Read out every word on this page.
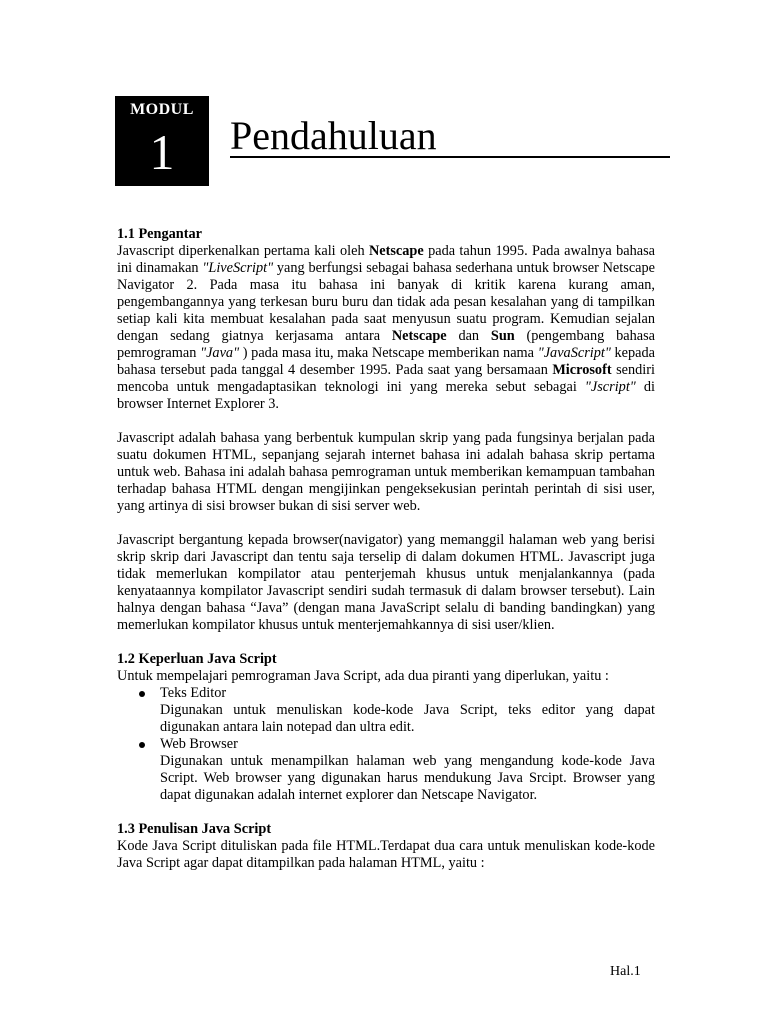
MODUL
1	Pendahuluan
1.1 Pengantar

Javascript diperkenalkan pertama kali oleh Netscape pada tahun 1995. Pada awalnya bahasa ini dinamakan "LiveScript" yang berfungsi sebagai bahasa sederhana untuk browser Netscape Navigator 2. Pada masa itu bahasa ini banyak di kritik karena kurang aman, pengembangannya yang terkesan buru buru dan tidak ada pesan kesalahan yang di tampilkan setiap kali kita membuat kesalahan pada saat menyusun suatu program. Kemudian sejalan dengan sedang giatnya kerjasama antara Netscape dan Sun (pengembang bahasa pemrograman "Java" ) pada masa itu, maka Netscape memberikan nama "JavaScript" kepada bahasa tersebut pada tanggal 4 desember 1995. Pada saat yang bersamaan Microsoft sendiri mencoba untuk mengadaptasikan teknologi ini yang mereka sebut sebagai "Jscript" di browser Internet Explorer 3.

Javascript adalah bahasa yang berbentuk kumpulan skrip yang pada fungsinya berjalan pada suatu dokumen HTML, sepanjang sejarah internet bahasa ini adalah bahasa skrip pertama untuk web. Bahasa ini adalah bahasa pemrograman untuk memberikan kemampuan tambahan terhadap bahasa HTML dengan mengijinkan pengeksekusian perintah perintah di sisi user, yang artinya di sisi browser bukan di sisi server web.

Javascript bergantung kepada browser(navigator) yang memanggil halaman web yang berisi skrip skrip dari Javascript dan tentu saja terselip di dalam dokumen HTML. Javascript juga tidak memerlukan kompilator atau penterjemah khusus untuk menjalankannya (pada kenyataannya kompilator Javascript sendiri sudah termasuk di dalam browser tersebut). Lain halnya dengan bahasa “Java” (dengan mana JavaScript selalu di banding bandingkan) yang memerlukan kompilator khusus untuk menterjemahkannya di sisi user/klien.

1.2 Keperluan Java Script

Untuk mempelajari pemrograman Java Script, ada dua piranti yang diperlukan, yaitu :

Teks Editor
Digunakan untuk menuliskan kode-kode Java Script, teks editor yang dapat digunakan antara lain notepad dan ultra edit.
Web Browser
Digunakan untuk menampilkan halaman web yang mengandung kode-kode Java Script. Web browser yang digunakan harus mendukung Java Srcipt. Browser yang dapat digunakan adalah internet explorer dan Netscape Navigator.
1.3 Penulisan Java Script

Kode Java Script dituliskan pada file HTML.Terdapat dua cara untuk menuliskan kode-kode Java Script agar dapat ditampilkan pada halaman HTML, yaitu :

Hal.1
